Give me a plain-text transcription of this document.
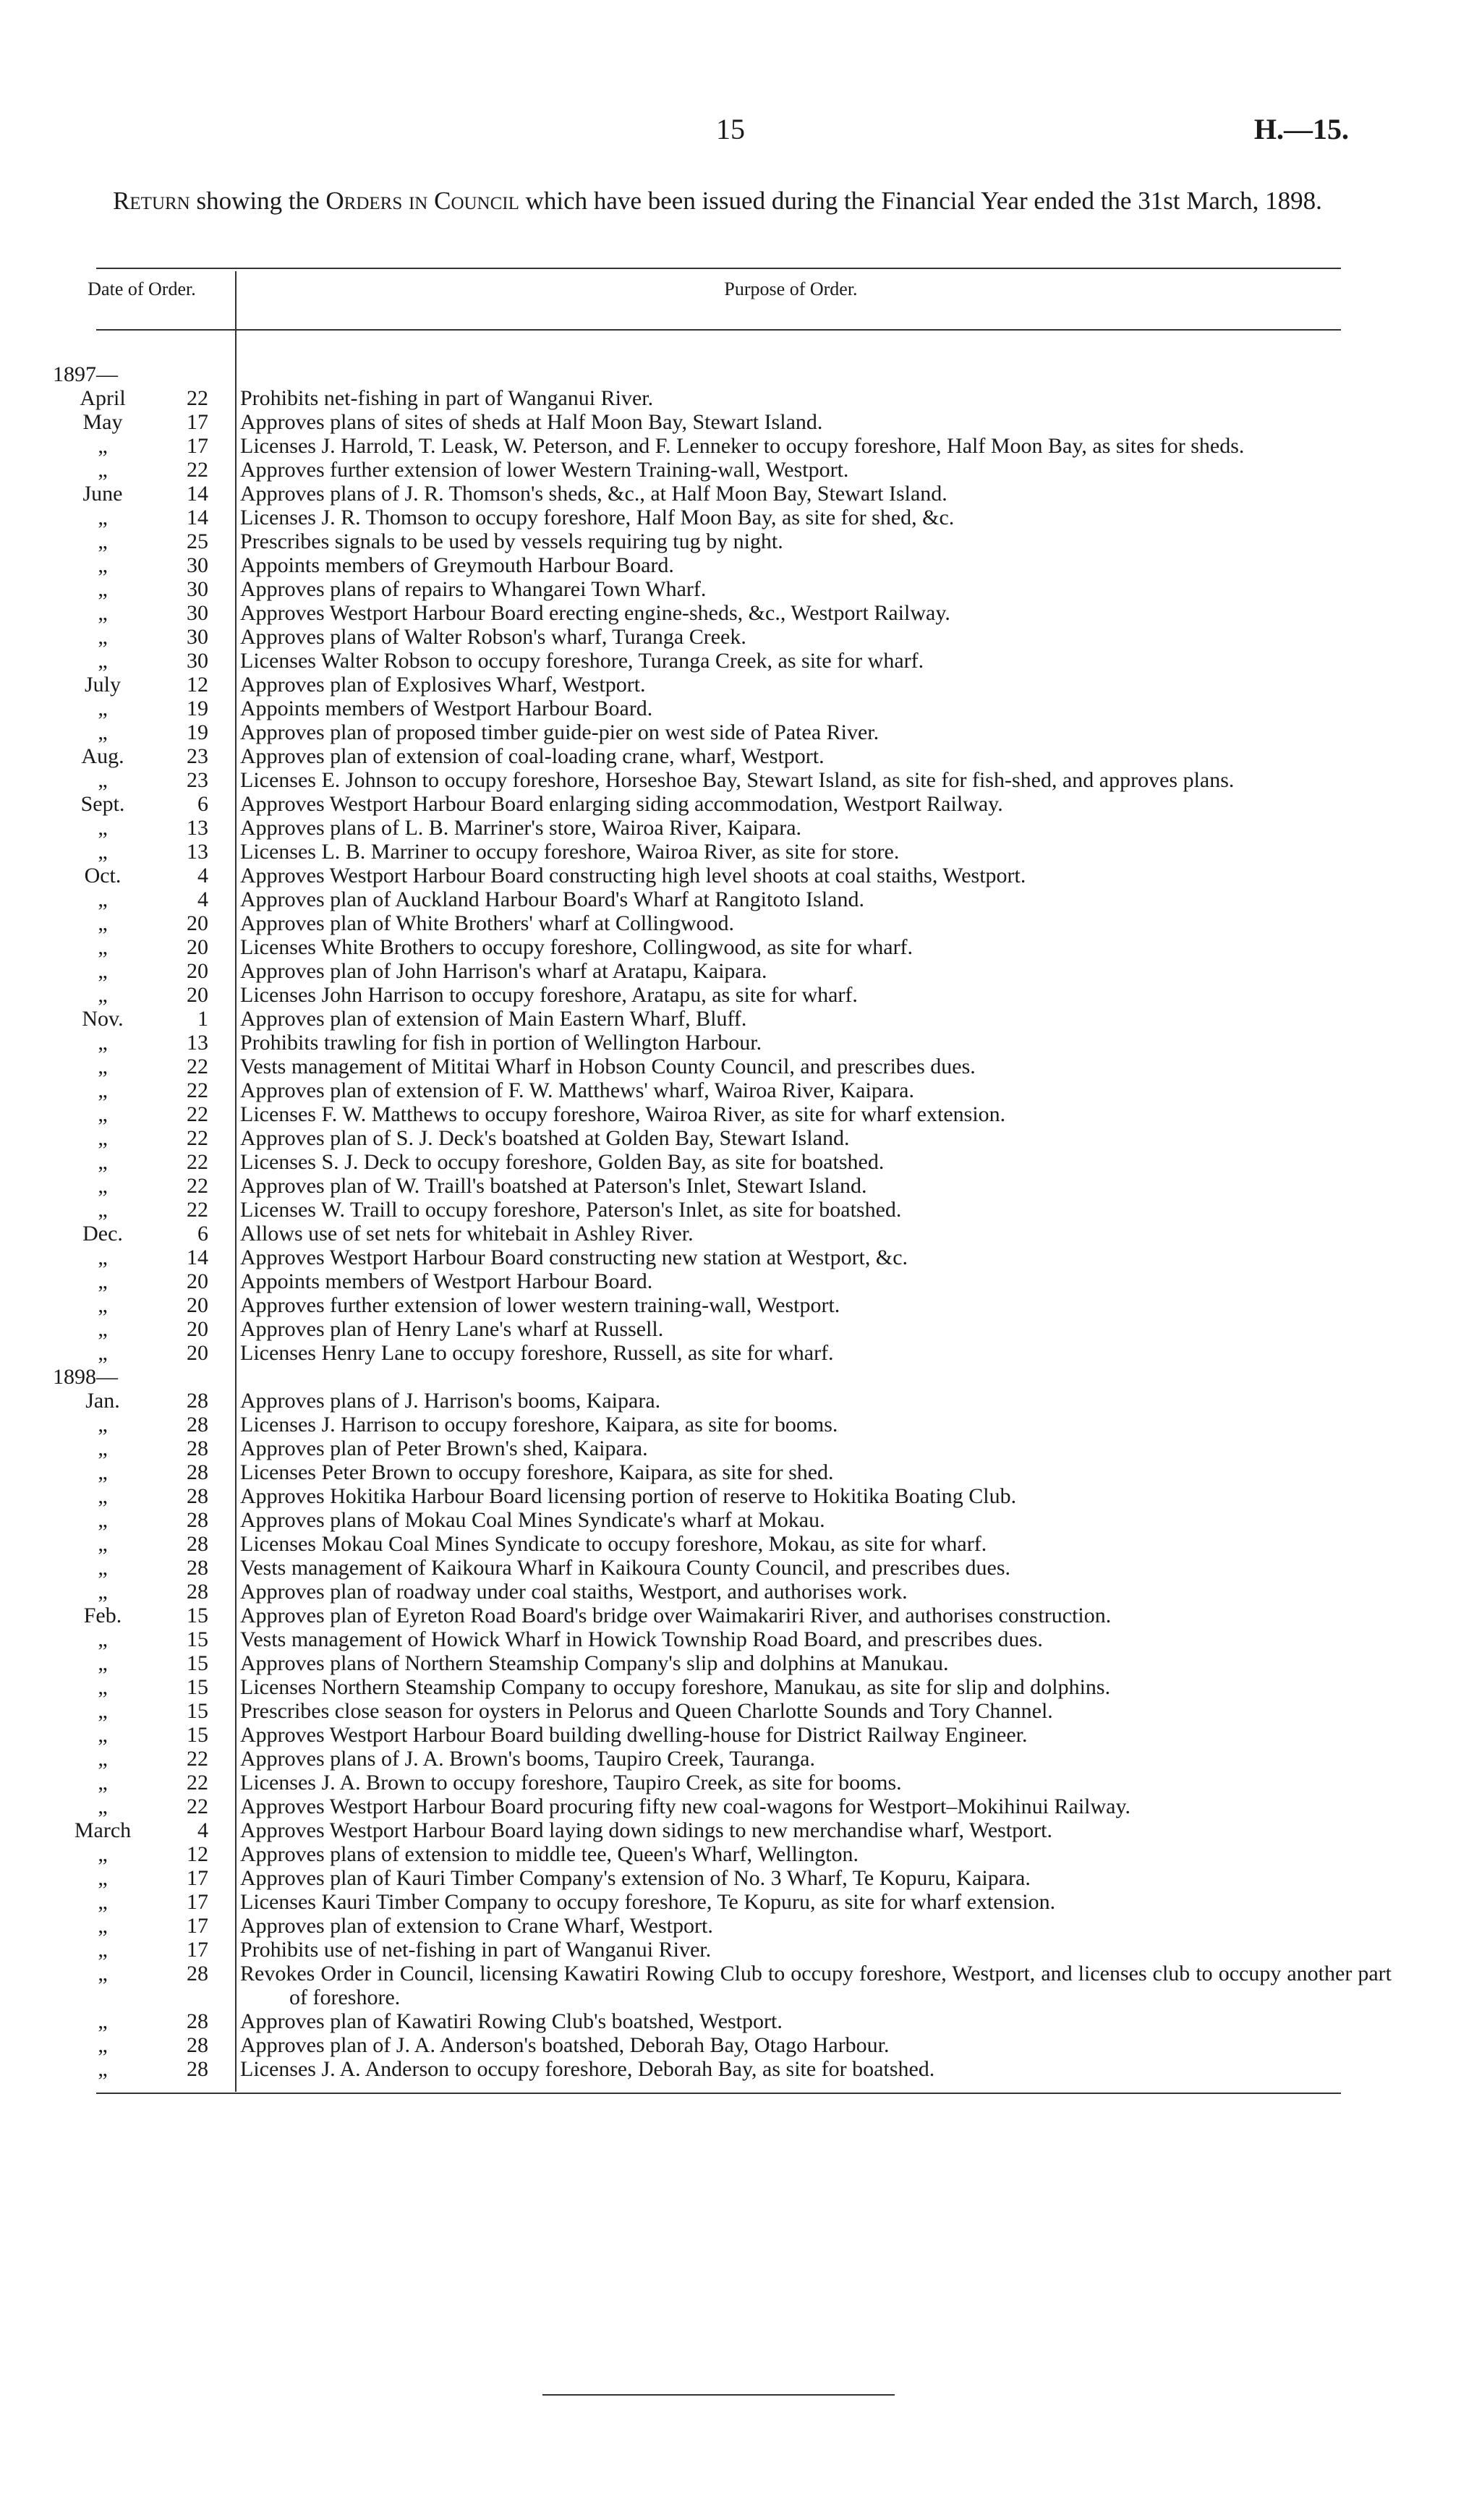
15	H.—15.
Return showing the Orders in Council which have been issued during the Financial Year ended the 31st March, 1898.
Date of Order.	Purpose of Order.
1897—
April	22 Prohibits net-fishing in part of Wanganui River.
May	17 Approves plans of sites of sheds at Half Moon Bay, Stewart Island.
„	17 Licenses J. Harrold, T. Leask, W. Peterson, and F. Lenneker to occupy foreshore, Half Moon Bay, as sites for sheds.
„	22 Approves further extension of lower Western Training-wall, Westport.
June	14 Approves plans of J. R. Thomson's sheds, &c., at Half Moon Bay, Stewart Island.
„	14 Licenses J. R. Thomson to occupy foreshore, Half Moon Bay, as site for shed, &c.
„	25 Prescribes signals to be used by vessels requiring tug by night.
„	30 Appoints members of Greymouth Harbour Board.
„	30 Approves plans of repairs to Whangarei Town Wharf.
„	30 Approves Westport Harbour Board erecting engine-sheds, &c., Westport Railway.
„	30 Approves plans of Walter Robson's wharf, Turanga Creek.
„	30 Licenses Walter Robson to occupy foreshore, Turanga Creek, as site for wharf.
July	12 Approves plan of Explosives Wharf, Westport.
„	19 Appoints members of Westport Harbour Board.
„	19 Approves plan of proposed timber guide-pier on west side of Patea River.
Aug.	23 Approves plan of extension of coal-loading crane, wharf, Westport.
„	23 Licenses E. Johnson to occupy foreshore, Horseshoe Bay, Stewart Island, as site for fish-shed, and approves plans.
Sept.	6 Approves Westport Harbour Board enlarging siding accommodation, Westport Railway.
„	13 Approves plans of L. B. Marriner's store, Wairoa River, Kaipara.
„	13 Licenses L. B. Marriner to occupy foreshore, Wairoa River, as site for store.
Oct.	4 Approves Westport Harbour Board constructing high level shoots at coal staiths, Westport.
„	4 Approves plan of Auckland Harbour Board's Wharf at Rangitoto Island.
„	20 Approves plan of White Brothers' wharf at Collingwood.
„	20 Licenses White Brothers to occupy foreshore, Collingwood, as site for wharf.
„	20 Approves plan of John Harrison's wharf at Aratapu, Kaipara.
„	20 Licenses John Harrison to occupy foreshore, Aratapu, as site for wharf.
Nov.	1 Approves plan of extension of Main Eastern Wharf, Bluff.
„	13 Prohibits trawling for fish in portion of Wellington Harbour.
„	22 Vests management of Mititai Wharf in Hobson County Council, and prescribes dues.
„	22 Approves plan of extension of F. W. Matthews' wharf, Wairoa River, Kaipara.
„	22 Licenses F. W. Matthews to occupy foreshore, Wairoa River, as site for wharf extension.
„	22 Approves plan of S. J. Deck's boatshed at Golden Bay, Stewart Island.
„	22 Licenses S. J. Deck to occupy foreshore, Golden Bay, as site for boatshed.
„	22 Approves plan of W. Traill's boatshed at Paterson's Inlet, Stewart Island.
„	22 Licenses W. Traill to occupy foreshore, Paterson's Inlet, as site for boatshed.
Dec.	6 Allows use of set nets for whitebait in Ashley River.
„	14 Approves Westport Harbour Board constructing new station at Westport, &c.
„	20 Appoints members of Westport Harbour Board.
„	20 Approves further extension of lower western training-wall, Westport.
„	20 Approves plan of Henry Lane's wharf at Russell.
„	20 Licenses Henry Lane to occupy foreshore, Russell, as site for wharf.
1898—
Jan.	28 Approves plans of J. Harrison's booms, Kaipara.
„	28 Licenses J. Harrison to occupy foreshore, Kaipara, as site for booms.
„	28 Approves plan of Peter Brown's shed, Kaipara.
„	28 Licenses Peter Brown to occupy foreshore, Kaipara, as site for shed.
„	28 Approves Hokitika Harbour Board licensing portion of reserve to Hokitika Boating Club.
„	28 Approves plans of Mokau Coal Mines Syndicate's wharf at Mokau.
„	28 Licenses Mokau Coal Mines Syndicate to occupy foreshore, Mokau, as site for wharf.
„	28 Vests management of Kaikoura Wharf in Kaikoura County Council, and prescribes dues.
„	28 Approves plan of roadway under coal staiths, Westport, and authorises work.
Feb.	15 Approves plan of Eyreton Road Board's bridge over Waimakariri River, and authorises construction.
„	15 Vests management of Howick Wharf in Howick Township Road Board, and prescribes dues.
„	15 Approves plans of Northern Steamship Company's slip and dolphins at Manukau.
„	15 Licenses Northern Steamship Company to occupy foreshore, Manukau, as site for slip and dolphins.
„	15 Prescribes close season for oysters in Pelorus and Queen Charlotte Sounds and Tory Channel.
„	15 Approves Westport Harbour Board building dwelling-house for District Railway Engineer.
„	22 Approves plans of J. A. Brown's booms, Taupiro Creek, Tauranga.
„	22 Licenses J. A. Brown to occupy foreshore, Taupiro Creek, as site for booms.
„	22 Approves Westport Harbour Board procuring fifty new coal-wagons for Westport–Mokihinui Railway.
March	4 Approves Westport Harbour Board laying down sidings to new merchandise wharf, Westport.
„	12 Approves plans of extension to middle tee, Queen's Wharf, Wellington.
„	17 Approves plan of Kauri Timber Company's extension of No. 3 Wharf, Te Kopuru, Kaipara.
„	17 Licenses Kauri Timber Company to occupy foreshore, Te Kopuru, as site for wharf extension.
„	17 Approves plan of extension to Crane Wharf, Westport.
„	17 Prohibits use of net-fishing in part of Wanganui River.
„	28 Revokes Order in Council, licensing Kawatiri Rowing Club to occupy foreshore, Westport, and licenses club to occupy another part of foreshore.
„	28 Approves plan of Kawatiri Rowing Club's boatshed, Westport.
„	28 Approves plan of J. A. Anderson's boatshed, Deborah Bay, Otago Harbour.
„	28 Licenses J. A. Anderson to occupy foreshore, Deborah Bay, as site for boatshed.
